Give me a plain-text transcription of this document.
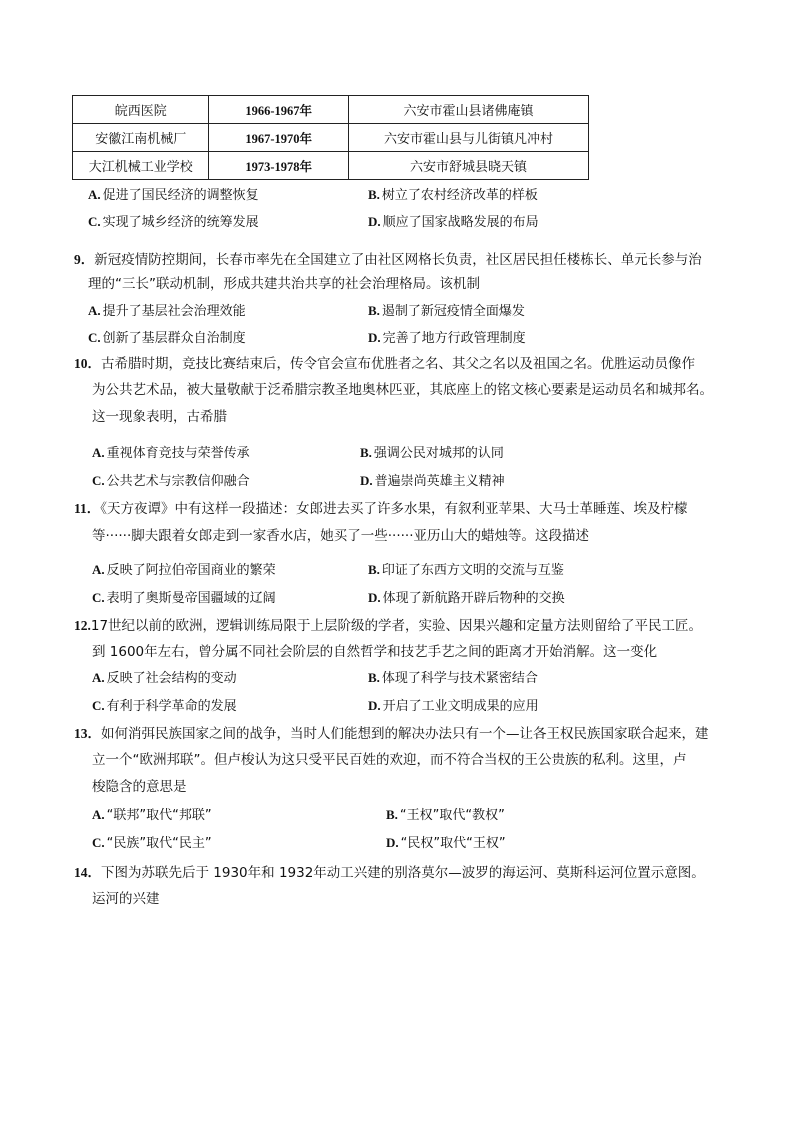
皖西医院	1966-1967年	六安市霍山县诸佛庵镇
安徽江南机械厂	1967-1970年	六安市霍山县与儿街镇凡冲村
大江机械工业学校	1973-1978年	六安市舒城县晓天镇
A. 促进了国民经济的调整恢复	B. 树立了农村经济改革的样板
C. 实现了城乡经济的统筹发展	D. 顺应了国家战略发展的布局
9．新冠疫情防控期间，长春市率先在全国建立了由社区网格长负责，社区居民担任楼栋长、单元长参与治
理的“三长”联动机制，形成共建共治共享的社会治理格局。该机制
A. 提升了基层社会治理效能	B. 遏制了新冠疫情全面爆发
C. 创新了基层群众自治制度	D. 完善了地方行政管理制度
10．古希腊时期，竞技比赛结束后，传令官会宣布优胜者之名、其父之名以及祖国之名。优胜运动员像作
为公共艺术品，被大量敬献于泛希腊宗教圣地奥林匹亚，其底座上的铭文核心要素是运动员名和城邦名。
这一现象表明，古希腊
A. 重视体育竞技与荣誉传承	B. 强调公民对城邦的认同
C. 公共艺术与宗教信仰融合	D. 普遍崇尚英雄主义精神
11．《天方夜谭》中有这样一段描述：女郎进去买了许多水果，有叙利亚苹果、大马士革睡莲、埃及柠檬
等······脚夫跟着女郎走到一家香水店，她买了一些······亚历山大的蜡烛等。这段描述
A. 反映了阿拉伯帝国商业的繁荣	B. 印证了东西方文明的交流与互鉴
C. 表明了奥斯曼帝国疆域的辽阔	D. 体现了新航路开辟后物种的交换
12.17世纪以前的欧洲，逻辑训练局限于上层阶级的学者，实验、因果兴趣和定量方法则留给了平民工匠。
到 1600年左右，曾分属不同社会阶层的自然哲学和技艺手艺之间的距离才开始消解。这一变化
A. 反映了社会结构的变动	B. 体现了科学与技术紧密结合
C. 有利于科学革命的发展	D. 开启了工业文明成果的应用
13．如何消弭民族国家之间的战争，当时人们能想到的解决办法只有一个—让各王权民族国家联合起来，建
立一个“欧洲邦联”。但卢梭认为这只受平民百姓的欢迎，而不符合当权的王公贵族的私利。这里，卢
梭隐含的意思是
A. “联邦”取代“邦联”	B. “王权”取代“教权”
C. “民族”取代“民主”	D. “民权”取代“王权”
14．下图为苏联先后于 1930年和 1932年动工兴建的别洛莫尔—波罗的海运河、莫斯科运河位置示意图。
运河的兴建
